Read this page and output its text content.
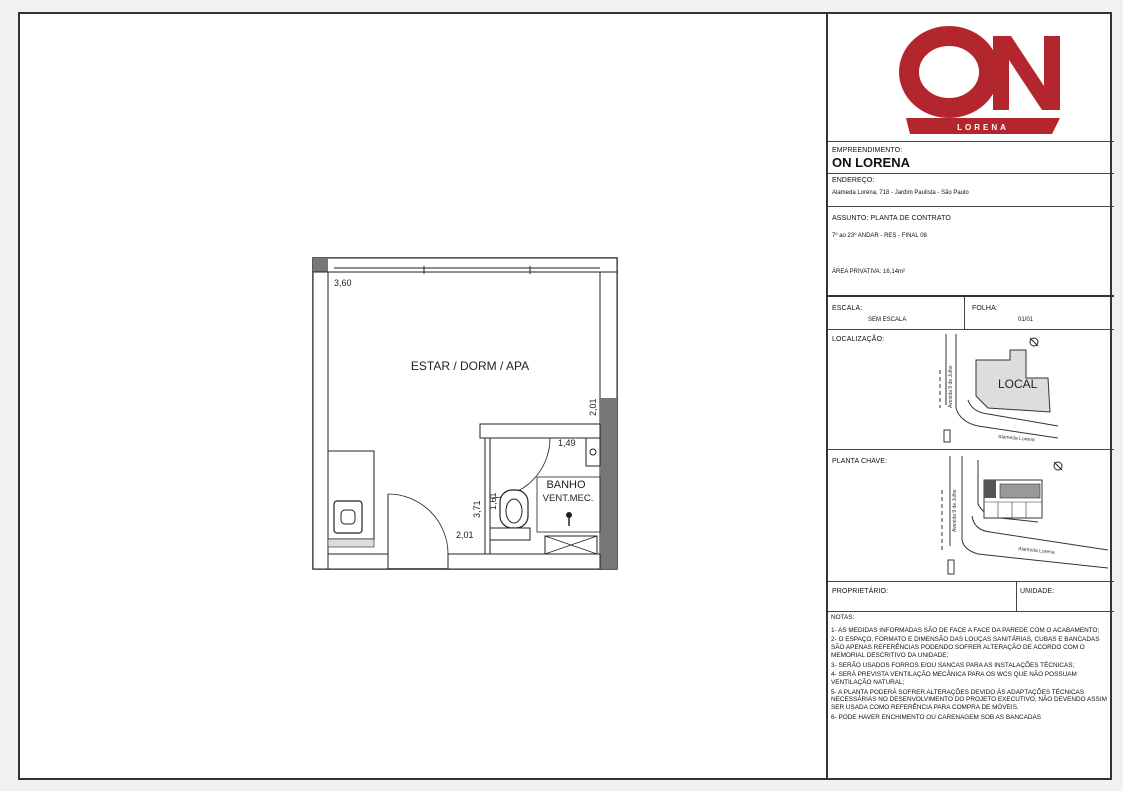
ESTAR / DORM / APA
BANHO
VENT.MEC.
3,60
2,01
1,49
3,71 1,61
2,01
LORENA
EMPREENDIMENTO:
ON LORENA
ENDEREÇO:
Alameda Lorena, 718 - Jardim Paulista - São Paulo
ASSUNTO: PLANTA DE CONTRATO
7º ao 23º ANDAR - RES - FINAL 08
ÁREA PRIVATIVA: 16,14m²
ESCALA:
SEM ESCALA
FOLHA:
01/01
LOCALIZAÇÃO:
LOCAL
Alameda Lorena
Avenida 9 de Julho
PLANTA CHAVE:
Alameda Lorena
Avenida 9 de Julho
PROPRIETÁRIO:	UNIDADE:

NOTAS:

1- AS MEDIDAS INFORMADAS SÃO DE FACE A FACE DA PAREDE COM O ACABAMENTO;

2- O ESPAÇO, FORMATO E DIMENSÃO DAS LOUÇAS SANITÁRIAS, CUBAS E BANCADAS SÃO APENAS REFERÊNCIAS PODENDO SOFRER ALTERAÇÃO DE ACORDO COM O MEMORIAL DESCRITIVO DA UNIDADE;

3- SERÃO USADOS FORROS E/OU SANCAS PARA AS INSTALAÇÕES TÉCNICAS;

4- SERÁ PREVISTA VENTILAÇÃO MECÂNICA PARA OS WCS QUE NÃO POSSUAM VENTILAÇÃO NATURAL;

5- A PLANTA PODERÁ SOFRER ALTERAÇÕES DEVIDO ÀS ADAPTAÇÕES TÉCNICAS NECESSÁRIAS NO DESENVOLVIMENTO DO PROJETO EXECUTIVO, NÃO DEVENDO ASSIM SER USADA COMO REFERÊNCIA PARA COMPRA DE MÓVEIS.

6- PODE HAVER ENCHIMENTO OU CARENAGEM SOB AS BANCADAS
